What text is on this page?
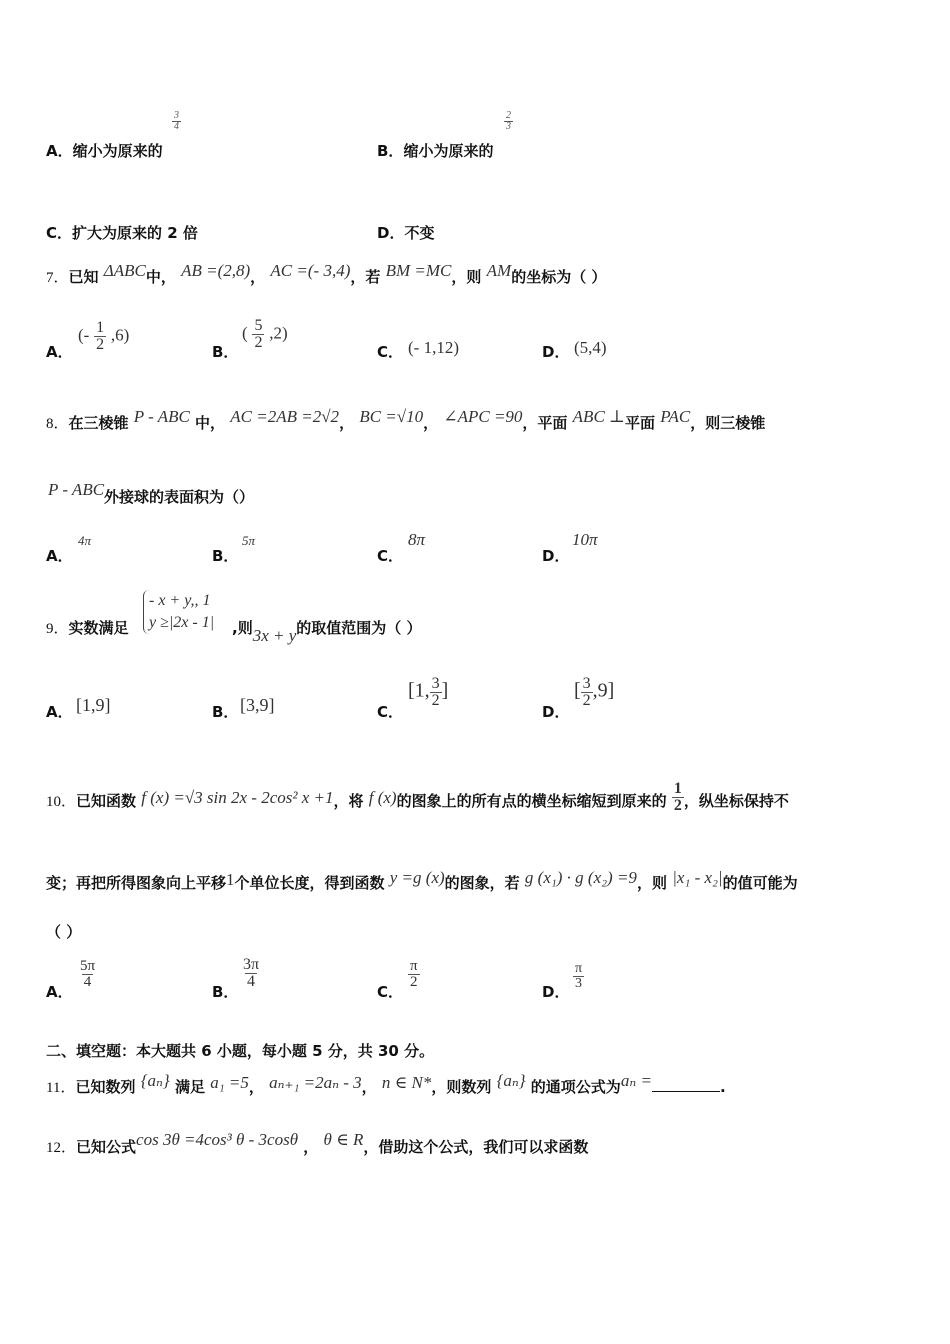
A．缩小为原来的
$\frac{3}{4}$
B．缩小为原来的
$\frac{2}{3}$
C．扩大为原来的 2 倍	D．不变
7．已知 ΔABC中， AB =(2,8)， AC =(- 3,4)，若 BM =MC，则 AM的坐标为（ ）
A．
(- $\frac{1}{2} ,6$)
B．
( $\frac{5}{2} ,2$)
C． (- 1,12)	D． (5,4)
8．在三棱锥 P - ABC 中， AC =2AB =2√2， BC =√10， ∠APC =90，平面 ABC ⊥平面 PAC，则三棱锥
P - ABC外接球的表面积为（）
A．
4π
B．
5π
C．
8π
D．
10π
9．实数满足
- x + y,, 1
y ≥|2x - 1| ,则3x + y的取值范围为（ ）
A． [1,9]	B． [3,9]	C．
[1, $\frac{3}{2}$ ]
D．
[ $\frac{3}{2} ,9$]
10．已知函数 f (x) =√3 sin 2x - 2cos² x +1，将 f (x)的图象上的所有点的横坐标缩短到原来的 $\frac{1}{2}$ ，纵坐标保持不
变；再把所得图象向上平移1个单位长度，得到函数 y =g (x)的图象，若 g (x₁) · g (x₂) =9，则 |x₁ - x₂|的值可能为
（ ）
A．
$\frac{5\pi}{4}$
B．
$\frac{3\pi}{4}$
C．
$\frac{\pi}{2}$
D．
$\frac{\pi}{3}$
二、填空题：本大题共 6 小题，每小题 5 分，共 30 分。
11．已知数列 {aₙ} 满足 a₁ =5， aₙ₊₁ =2aₙ - 3， n ∈ N*，则数列 {aₙ} 的通项公式为aₙ =	.
12．已知公式cos 3θ =4cos³ θ - 3cosθ ， θ ∈ R，借助这个公式，我们可以求函数
